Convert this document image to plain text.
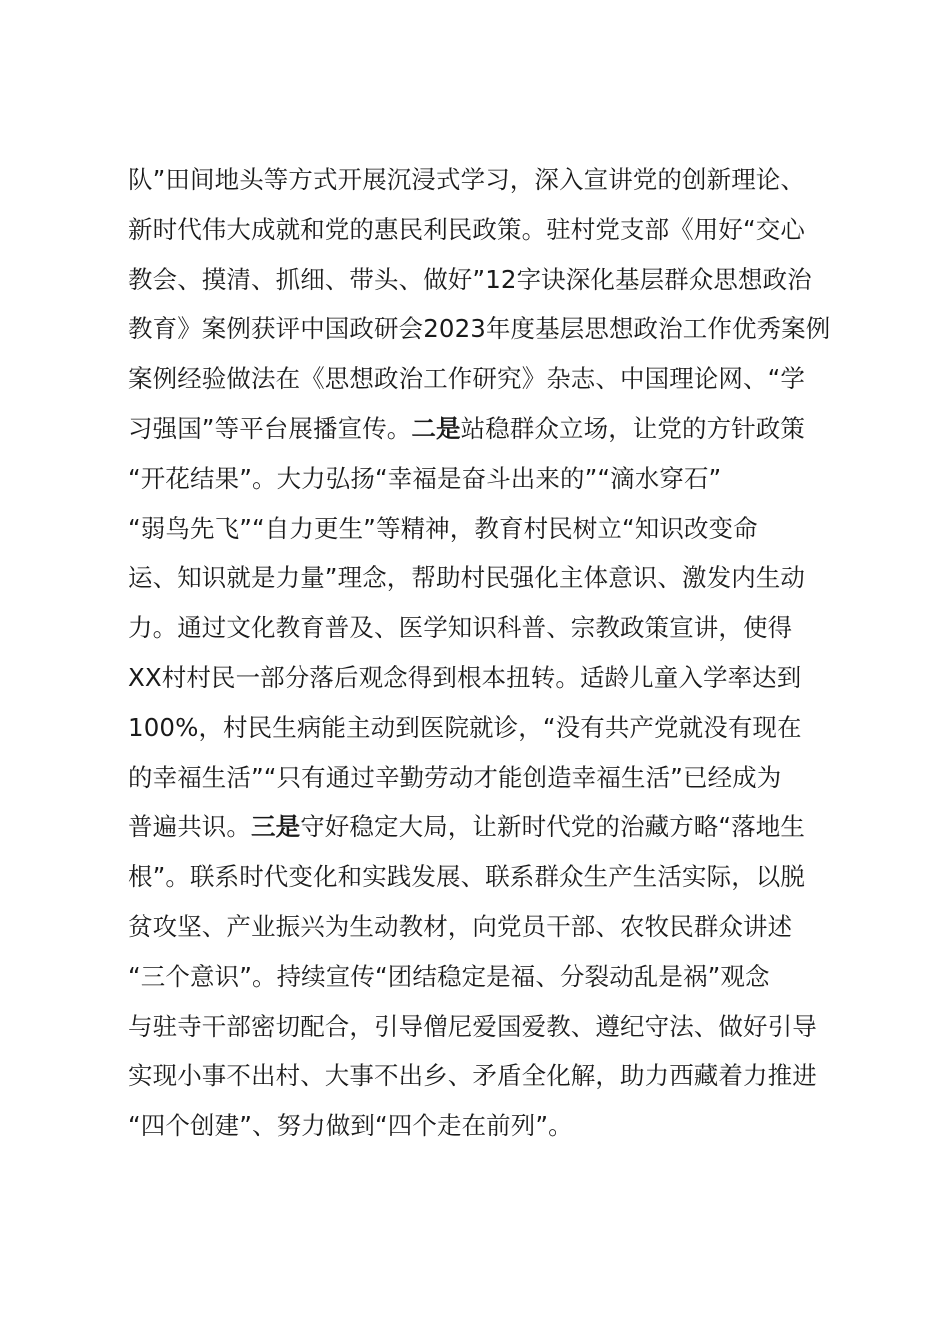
队”田间地头等方式开展沉浸式学习，深入宣讲党的创新理论、
新时代伟大成就和党的惠民利民政策。驻村党支部《用好“交心
教会、摸清、抓细、带头、做好”12字诀深化基层群众思想政治
教育》案例获评中国政研会2023年度基层思想政治工作优秀案例
案例经验做法在《思想政治工作研究》杂志、中国理论网、“学
习强国”等平台展播宣传。二是站稳群众立场，让党的方针政策
“开花结果”。大力弘扬“幸福是奋斗出来的”“滴水穿石”
“弱鸟先飞”“自力更生”等精神，教育村民树立“知识改变命
运、知识就是力量”理念，帮助村民强化主体意识、激发内生动
力。通过文化教育普及、医学知识科普、宗教政策宣讲，使得
XX村村民一部分落后观念得到根本扭转。适龄儿童入学率达到
100%，村民生病能主动到医院就诊，“没有共产党就没有现在
的幸福生活”“只有通过辛勤劳动才能创造幸福生活”已经成为
普遍共识。三是守好稳定大局，让新时代党的治藏方略“落地生
根”。联系时代变化和实践发展、联系群众生产生活实际，以脱
贫攻坚、产业振兴为生动教材，向党员干部、农牧民群众讲述
“三个意识”。持续宣传“团结稳定是福、分裂动乱是祸”观念
与驻寺干部密切配合，引导僧尼爱国爱教、遵纪守法、做好引导
实现小事不出村、大事不出乡、矛盾全化解，助力西藏着力推进
“四个创建”、努力做到“四个走在前列”。
